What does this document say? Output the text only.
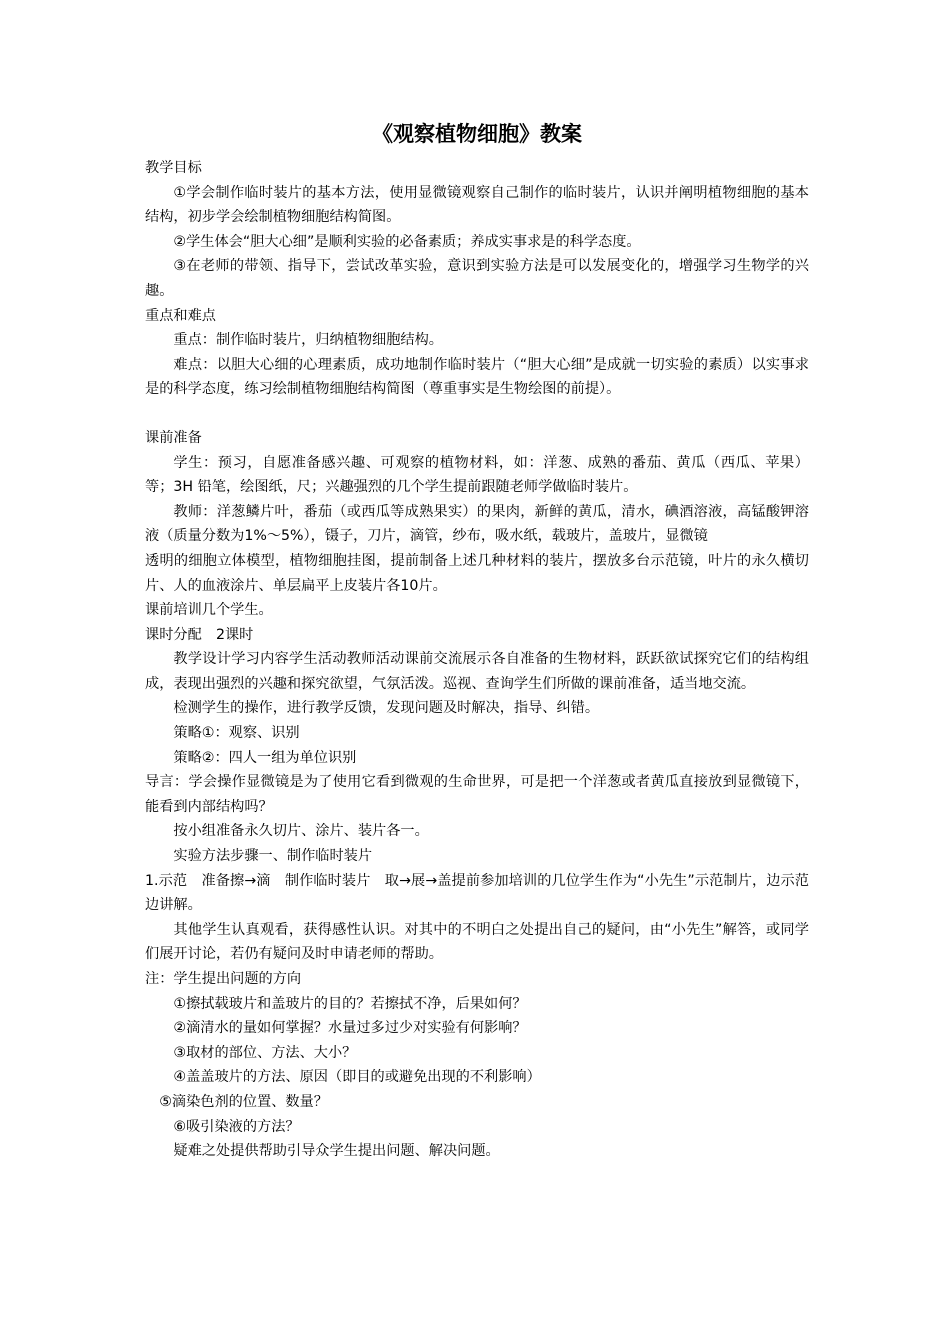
《观察植物细胞》教案

教学目标

①学会制作临时装片的基本方法，使用显微镜观察自己制作的临时装片，认识并阐明植物细胞的基本结构，初步学会绘制植物细胞结构简图。

②学生体会“胆大心细”是顺利实验的必备素质；养成实事求是的科学态度。

③在老师的带领、指导下，尝试改革实验，意识到实验方法是可以发展变化的，增强学习生物学的兴趣。

重点和难点

重点：制作临时装片，归纳植物细胞结构。

难点：以胆大心细的心理素质，成功地制作临时装片（“胆大心细”是成就一切实验的素质）以实事求是的科学态度，练习绘制植物细胞结构简图（尊重事实是生物绘图的前提）。

课前准备

学生：预习，自愿准备感兴趣、可观察的植物材料，如：洋葱、成熟的番茄、黄瓜（西瓜、苹果）等；3H 铅笔，绘图纸，尺；兴趣强烈的几个学生提前跟随老师学做临时装片。

教师：洋葱鳞片叶，番茄（或西瓜等成熟果实）的果肉，新鲜的黄瓜，清水，碘酒溶液，高锰酸钾溶液（质量分数为1%～5%），镊子，刀片，滴管，纱布，吸水纸，载玻片，盖玻片，显微镜

透明的细胞立体模型，植物细胞挂图，提前制备上述几种材料的装片，摆放多台示范镜，叶片的永久横切片、人的血液涂片、单层扁平上皮装片各10片。

课前培训几个学生。

课时分配　2课时

教学设计学习内容学生活动教师活动课前交流展示各自准备的生物材料，跃跃欲试探究它们的结构组成，表现出强烈的兴趣和探究欲望，气氛活泼。巡视、查询学生们所做的课前准备，适当地交流。

检测学生的操作，进行教学反馈，发现问题及时解决，指导、纠错。

策略①：观察、识别

策略②：四人一组为单位识别

导言：学会操作显微镜是为了使用它看到微观的生命世界，可是把一个洋葱或者黄瓜直接放到显微镜下，能看到内部结构吗？

按小组准备永久切片、涂片、装片各一。

实验方法步骤一、制作临时装片

1.示范　准备擦→滴　制作临时装片　取→展→盖提前参加培训的几位学生作为“小先生”示范制片，边示范边讲解。

其他学生认真观看，获得感性认识。对其中的不明白之处提出自己的疑问，由“小先生”解答，或同学们展开讨论，若仍有疑问及时申请老师的帮助。

注：学生提出问题的方向

①擦拭载玻片和盖玻片的目的？若擦拭不净，后果如何？

②滴清水的量如何掌握？水量过多过少对实验有何影响？

③取材的部位、方法、大小？

④盖盖玻片的方法、原因（即目的或避免出现的不利影响）

⑤滴染色剂的位置、数量？

⑥吸引染液的方法？

疑难之处提供帮助引导众学生提出问题、解决问题。
